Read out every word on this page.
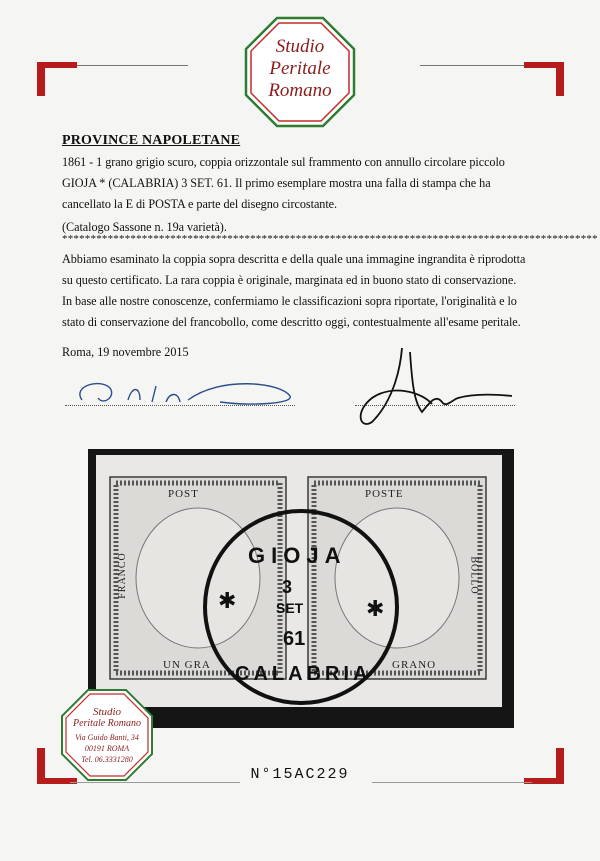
Studio
Peritale
Romano
PROVINCE NAPOLETANE
1861 - 1 grano grigio scuro, coppia orizzontale sul frammento con annullo circolare piccolo
GIOJA * (CALABRIA) 3 SET. 61. Il primo esemplare mostra una falla di stampa che ha
cancellato la E di POSTA e parte del disegno circostante.
(Catalogo Sassone n. 19a varietà).
**********************************************************************************************
Abbiamo esaminato la coppia sopra descritta e della quale una immagine ingrandita è riprodotta
su questo certificato. La rara coppia è originale, marginata ed in buono stato di conservazione.
In base alle nostre conoscenze, confermiamo le classificazioni sopra riportate, l'originalità e lo
stato di conservazione del francobollo, come descritto oggi, contestualmente all'esame peritale.
Roma, 19 novembre 2015
POST
FRANCO
UN GRA
POSTE
BOLLO
GRANO
GIOJA
3
SET
61
CALABRIA
✱	✱
Studio
Peritale Romano
Via Guido Banti, 34
00191 ROMA
Tel. 06.3331280
N°15AC229
